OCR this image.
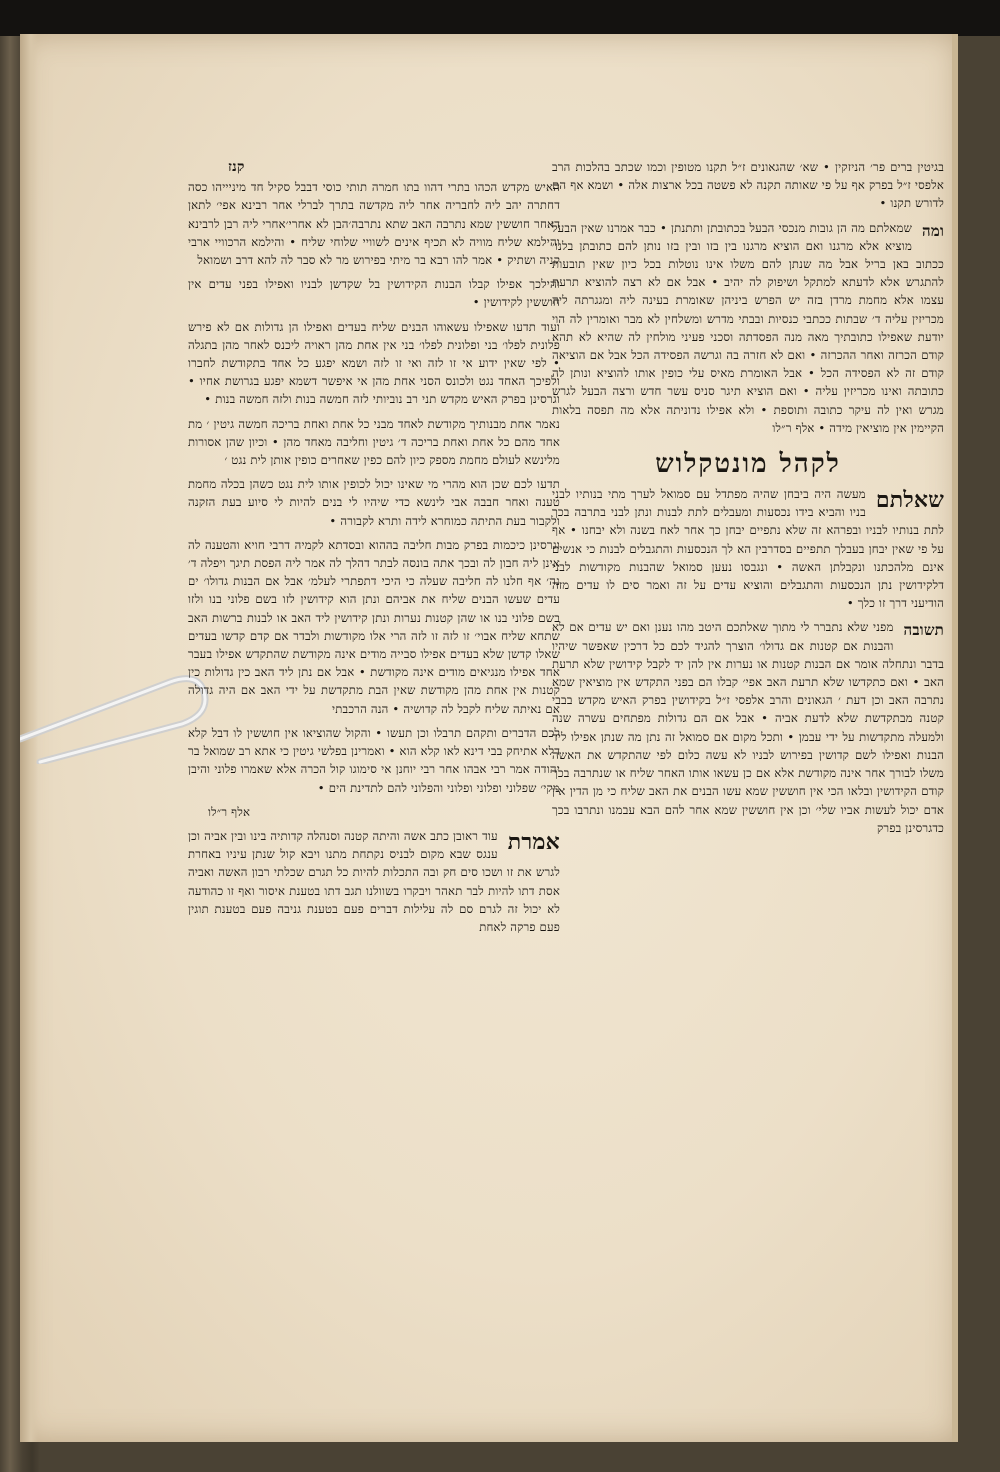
בגיטין ברים פר׳ הניזקין • שא׳ שהגאונים ז״ל תקנו מטופין וכמו שכתב בהלכות הרב אלפסי ז״ל בפרק אף על פי שאותה תקנה לא פשטה בכל ארצות אלה • ושמא אף הם לדורש תקנו •

ומה
שמאלתם מה הן גובות מנכסי הבעל בכתובתן ותתנתן • כבר אמרנו שאין הבעל מוציא אלא מרגנו ואם הוציא מרגנו בין בזו ובין בזו נותן להם כתובתן בלנו׳ ככתוב באן בריל אבל מה שנתן להם משלו אינו נוטלות בכל כיון שאין תובעות להתגרש אלא לדעתא למתקל ושיפוק לה יהיב • אבל אם לא רצה להוציא תרעת עצמו אלא מחמת מרדן בזה יש הפרש ביניהן שאומרת בעינה ליה ומגגרתה ליה מכריזין עליה ד׳ שבתות ככתבי כנסיות ובבתי מדרש ומשלחין לא מבר ואומרין לה הוי יודעת שאפילו כתובתיך מאה מנה הפסדתה וסכני פעיני מולחין לה שהיא לא תהא קודם הכרזה ואחר ההכרזה • ואם לא חזרה בה וגרשה הפסידה הכל אבל אם הוציאה קודם זה לא הפסידה הכל • אבל האומרת מאיס עלי כופין אותו להוציא ונותן לה כתובתה ואינו מכריזין עליה • ואם הוציא תיגר סניס עשר חדש ורצה הבעל לגרש מגרש ואין לה עיקר כתובה ותוספת • ולא אפילו נדוניתה אלא מה תפסה בלאות הקיימין אין מוציאין מידה • אלף ר״לו

לקהל מונטקלוש

שאלתם
מעשה היה ביבחן שהיה מפתדל עם סמואל לערך מתי בנותיו לבני בניו והביא בידו נכסעות ומעבלים לתת לבנות ונתן לבני בתרבה בכך לתת בנותיו לבניו ובפרהא זה שלא נתפיים יבחן כך אחר לאח בשנה ולא יבחנו • אף על פי שאין יבחן בעבלך תתפיים בסדרבין הא לך הנכסעות והתגבלים לבנות כי אנשים אינם מלהכתנו ונקבלתן האשה • ונגבסו נעען סמואל שהבנות מקודשות לבני דלקידושין נתן הנכסעות והתגבלים והוציא עדים על זה ואמר סים לו עדים מזה הודיעני דרך זו כלך •

תשובה
מפני שלא נתברר לי מתוך שאלתכם היטב מהו נענן ואם יש עדים אם לא והבנות אם קטנות אם גדולו׳ הוצרך להגיד לכם כל דרכין שאפשר שיהיו בדבר ונתחלה אומר אם הבנות קטנות או נערות אין להן יד לקבל קידושין שלא תרעת האב • ואם כתקדשו שלא תרעת האב אפי׳ קבלו הם בפני התקדש אין מוציאין שמא נתרבה האב וכן דעת ׳ הגאונים והרב אלפסי ז״ל בקידושין בפרק האיש מקדש בבבי קטנה מבתקדשת שלא לדעת אביה • אבל אם הם גדולות מפתחים עשרה שנה ולמעלה מתקדשות על ידי עבמן • ותכל מקום אם סמואל זה נתן מה שנתן אפילו ליד הבנות ואפילו לשם קדושין בפירוש לבניו לא עשה כלום לפי שהתקדש את האשה משלו לבורך אחר אינה מקודשת אלא אם כן עשאו אותו האחר שליח או שנתרבה בכך קודם הקידושין ובלאו הכי אין חוששין שמא עשו הבנים את האב שליח כי מן הדין אין אדם יכול לעשות אביו שלי׳ וכן אין חוששין שמא אחר להם הבא עבמנו ונתרבו בכך כדגרסינן בפרק

קנז

האיש מקדש הכהו בתרי דהוו בתו חמרה תותי כוסי דבבל סקיל חד מיניייהו כסה דחתרה יהב ליה לחבריה אחר ליה מקדשה בתרך לברלי אחר רבינא אפי׳ לתאן דאחר חוששין שמא נתרבה האב שתא נתרבה׳הבן לא אחרי׳אחרי ליה רבן לרבינא והילמא שליח מוויה לא תכיף אינים לשוויי שלוחי שליח • והילמא הרכוויי ארבי קניה ושתיק • אמר להו רבא בר מיתי בפירוש מר לא סבר לה להא דרב ושמואל

והילכך אפילו קבלו הבנות הקידושין בל שקדשן לבניו ואפילו בפני עדים אין חוששין לקידושין •

ועוד תדעו שאפילו עשאוהו הבנים שליח בעדים ואפילו הן גדולות אם לא פירש פלונית לפלו׳ בני ופלונית לפלו׳ בני אין אחת מהן ראויה ליכנס לאחר מהן בתגלה • לפי שאין ידוע אי זו לזה ואי זו לזה ושמא יפגע כל אחד בתקודשת לחברו ולפיכך האחד נגט ולכונס הסני אחת מהן אי איפשר דשמא יפגע בגרושת אחיו • וגרסינן בפרק האיש מקדש תני רב נוביותי לזה חמשה בנות ולזה חמשה בנות •

נאמר אחת מבנותיך מקודשת לאחד מבני כל אחת ואחת בריכה חמשה גיטין ׳ מת אחד מהם כל אחת ואחת בריכה ד׳ גיטין וחליבה מאחד מהן • וכיון שהן אסורות מלינשא לעולם מחמת מספק כיון להם כפין שאחרים כופין אותן לית נגט ׳

תדעו לכם שכן הוא מהרי מי שאינו יכול לכופין אותו לית נגט כשהן בכלה מחמת טענה ואחר חבבה אבי לינשא כדי שיהיו לי בנים להיות לי סיוע בעת הזקנה ולקבור בעת התיתה כמוחרא לידה ותרא לקבורה •

וגרסינן כיכמות בפרק מבות חליבה בההוא ובסדתא לקמיה דרבי חויא והטענה לה אינן ליה חבון לה ובכך אתה בונסה לבתר דהלך לה אמר ליה הפסת תיגך ויפלה ד׳ נה׳ אף חלנו לה חליבה שעלה כי היכי דתפתרי לעלמ׳ אבל אם הבנות גדולו׳ ים עדים שעשו הבנים שליח את אביהם ונתן הוא קידושין לזו בשם פלוני בנו ולזו בשם פלוני בנו או שהן קטנות נערות ונתן קידושין ליד האב או לבנות ברשות האב שתחא שליח אבוי׳ זו לזה זו לזה הרי אלו מקודשות ולבדר אם קדם קדשו בעדים שאלו קדשן שלא בעדים אפילו סבייה מודים אינה מקודשת שהתקדש אפילו בעבר אחד אפילו מנגיאים מודים אינה מקודשת • אבל אם נתן ליד האב כין גדולות כין קטנות אין אחת מהן מקודשת שאין הבת מתקדשת על ידי האב אם היה גדולה אם נאיתה שליח לקבל לה קדושיה • הנה הרכבתי

לכם הדברים ותקהם תרבלו וכן תעשו • והקול שהוציאו אין חוששין לו דבל קלא דלא אתיחק בבי דינא לאו קלא הוא • ואמרינן בפלשי גיטין כי אתא רב שמואל בר יהודה אמר רבי אבהו אחר רבי יוחנן אי סימוגו קול הכרה אלא שאמרו פלוני והיבן מקי׳ שפלוני ופלוני ופלוני והפלוני להם לתדינת הים •

אלף ר״לו

אמרת
עוד ראובן כתב אשה והיתה קטנה וסנהלה קדותיה בינו ובין אביה וכן ענגס שבא מקום לבניס נקתחת מתנו ויבא קול שנתן עיניו באחרת לגרש את זו ושכו סים חק ובה התכלות להיות כל תגרם שכלתי רבון האשה ואביה אסת דתו להיות לבר תאהר ויבקרו בשוולנו תגב דתו בטענת איסור ואף זו כהודעה לא יכול זה לגרם סם לה עלילות דברים פעם בטענת גניבה פעם בטענת תוגין פעם פרקה לאחת
